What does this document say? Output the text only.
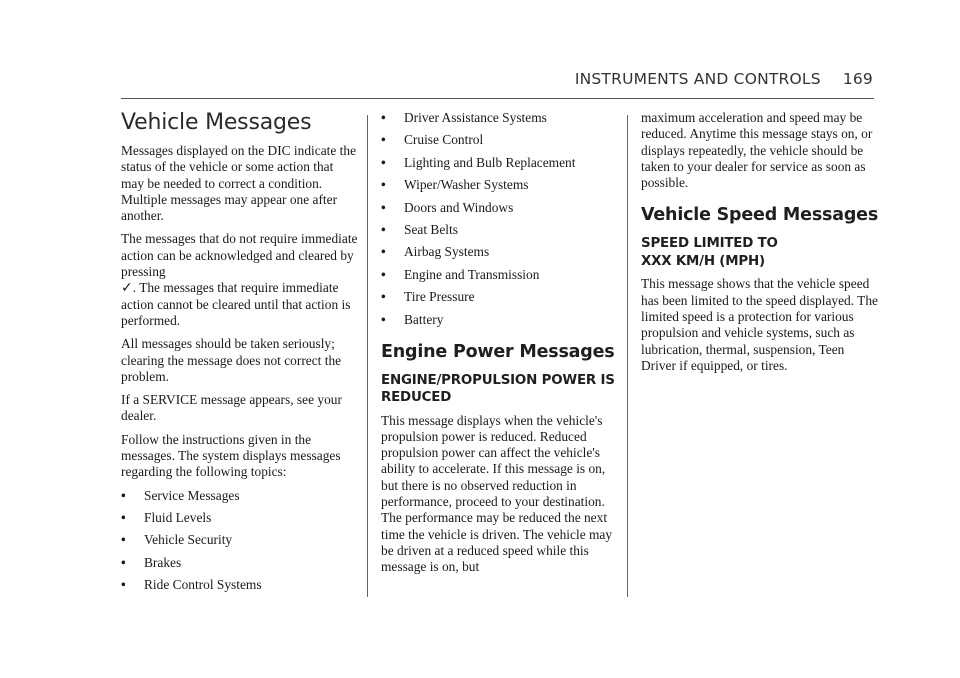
INSTRUMENTS AND CONTROLS 169
Vehicle Messages

Messages displayed on the DIC indicate the status of the vehicle or some action that may be needed to correct a condition. Multiple messages may appear one after another.

The messages that do not require immediate action can be acknowledged and cleared by pressing
✓. The messages that require immediate action cannot be cleared until that action is performed.

All messages should be taken seriously; clearing the message does not correct the problem.

If a SERVICE message appears, see your dealer.

Follow the instructions given in the messages. The system displays messages regarding the following topics:

•	Service Messages
•	Fluid Levels
•	Vehicle Security
•	Brakes
•	Ride Control Systems
•	Driver Assistance Systems
•	Cruise Control
•	Lighting and Bulb Replacement
•	Wiper/Washer Systems
•	Doors and Windows
•	Seat Belts
•	Airbag Systems
•	Engine and Transmission
•	Tire Pressure
•	Battery
Engine Power Messages
ENGINE/PROPULSION POWER IS REDUCED

This message displays when the vehicle's propulsion power is reduced. Reduced propulsion power can affect the vehicle's ability to accelerate. If this message is on, but there is no observed reduction in performance, proceed to your destination. The performance may be reduced the next time the vehicle is driven. The vehicle may be driven at a reduced speed while this message is on, but

maximum acceleration and speed may be reduced. Anytime this message stays on, or displays repeatedly, the vehicle should be taken to your dealer for service as soon as possible.

Vehicle Speed Messages
SPEED LIMITED TO XXX KM/H (MPH)

This message shows that the vehicle speed has been limited to the speed displayed. The limited speed is a protection for various propulsion and vehicle systems, such as lubrication, thermal, suspension, Teen Driver if equipped, or tires.
